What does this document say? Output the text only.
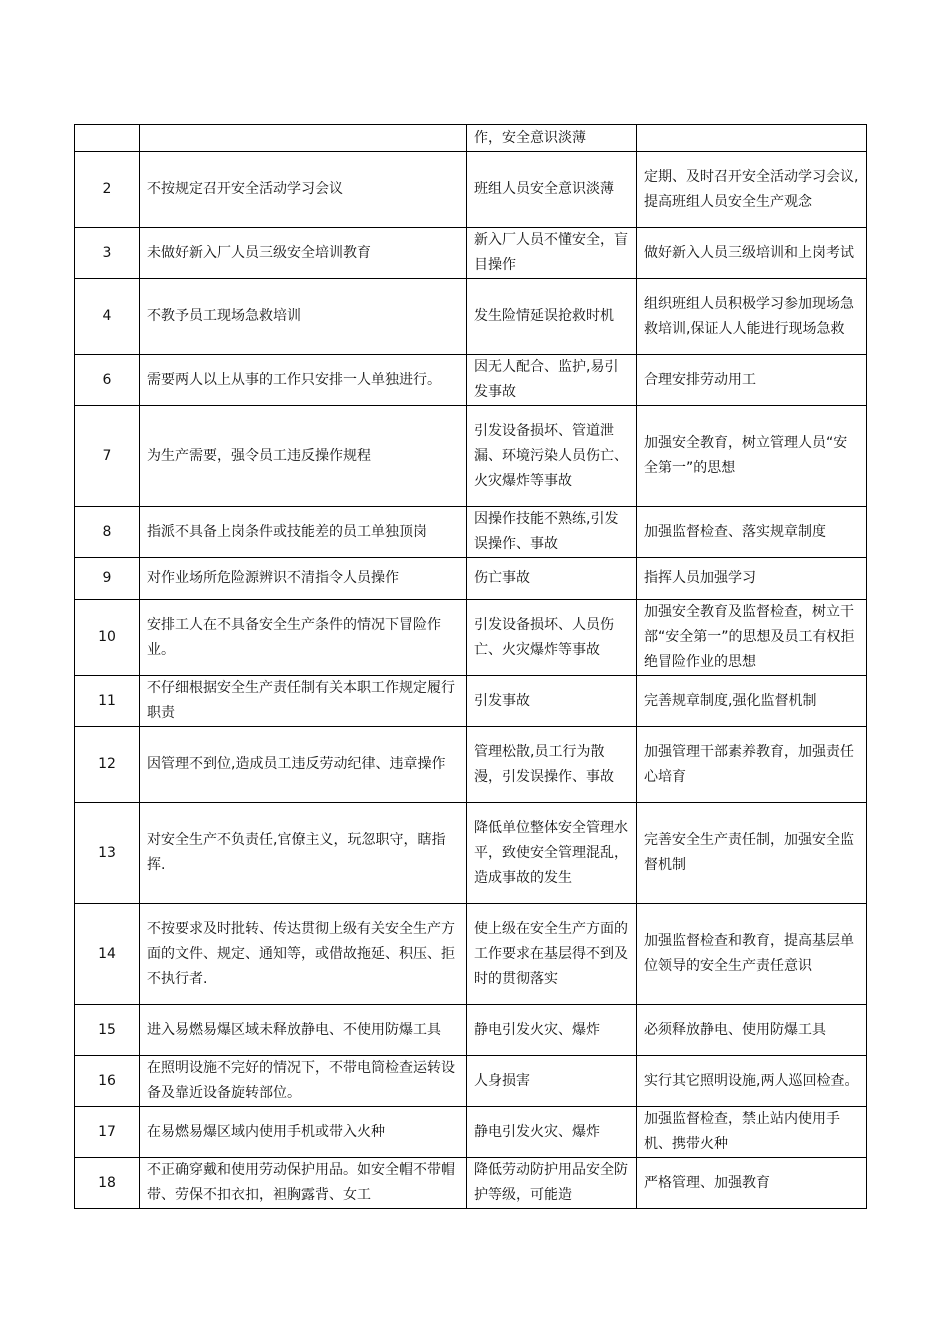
		作，安全意识淡薄	
2	不按规定召开安全活动学习会议	班组人员安全意识淡薄	定期、及时召开安全活动学习会议,提高班组人员安全生产观念
3	未做好新入厂人员三级安全培训教育	新入厂人员不懂安全，盲目操作	做好新入人员三级培训和上岗考试
4	不教予员工现场急救培训	发生险情延误抢救时机	组织班组人员积极学习参加现场急救培训,保证人人能进行现场急救
6	需要两人以上从事的工作只安排一人单独进行。	因无人配合、监护,易引发事故	合理安排劳动用工
7	为生产需要，强令员工违反操作规程	引发设备损坏、管道泄漏、环境污染人员伤亡、火灾爆炸等事故	加强安全教育，树立管理人员“安全第一”的思想
8	指派不具备上岗条件或技能差的员工单独顶岗	因操作技能不熟练,引发误操作、事故	加强监督检查、落实规章制度
9	对作业场所危险源辨识不清指令人员操作	伤亡事故	指挥人员加强学习
10	安排工人在不具备安全生产条件的情况下冒险作业。	引发设备损坏、人员伤亡、火灾爆炸等事故	加强安全教育及监督检查，树立干部“安全第一”的思想及员工有权拒绝冒险作业的思想
11	不仔细根据安全生产责任制有关本职工作规定履行职责	引发事故	完善规章制度,强化监督机制
12	因管理不到位,造成员工违反劳动纪律、违章操作	管理松散,员工行为散漫，引发误操作、事故	加强管理干部素养教育，加强责任心培育
13	对安全生产不负责任,官僚主义，玩忽职守，瞎指挥.	降低单位整体安全管理水平，致使安全管理混乱，造成事故的发生	完善安全生产责任制，加强安全监督机制
14	不按要求及时批转、传达贯彻上级有关安全生产方面的文件、规定、通知等，或借故拖延、积压、拒不执行者.	使上级在安全生产方面的工作要求在基层得不到及时的贯彻落实	加强监督检查和教育，提高基层单位领导的安全生产责任意识
15	进入易燃易爆区域未释放静电、不使用防爆工具	静电引发火灾、爆炸	必须释放静电、使用防爆工具
16	在照明设施不完好的情况下，不带电筒检查运转设备及靠近设备旋转部位。	人身损害	实行其它照明设施,两人巡回检查。
17	在易燃易爆区域内使用手机或带入火种	静电引发火灾、爆炸	加强监督检查，禁止站内使用手机、携带火种
18	不正确穿戴和使用劳动保护用品。如安全帽不带帽带、劳保不扣衣扣，袒胸露背、女工	降低劳动防护用品安全防护等级，可能造	严格管理、加强教育
